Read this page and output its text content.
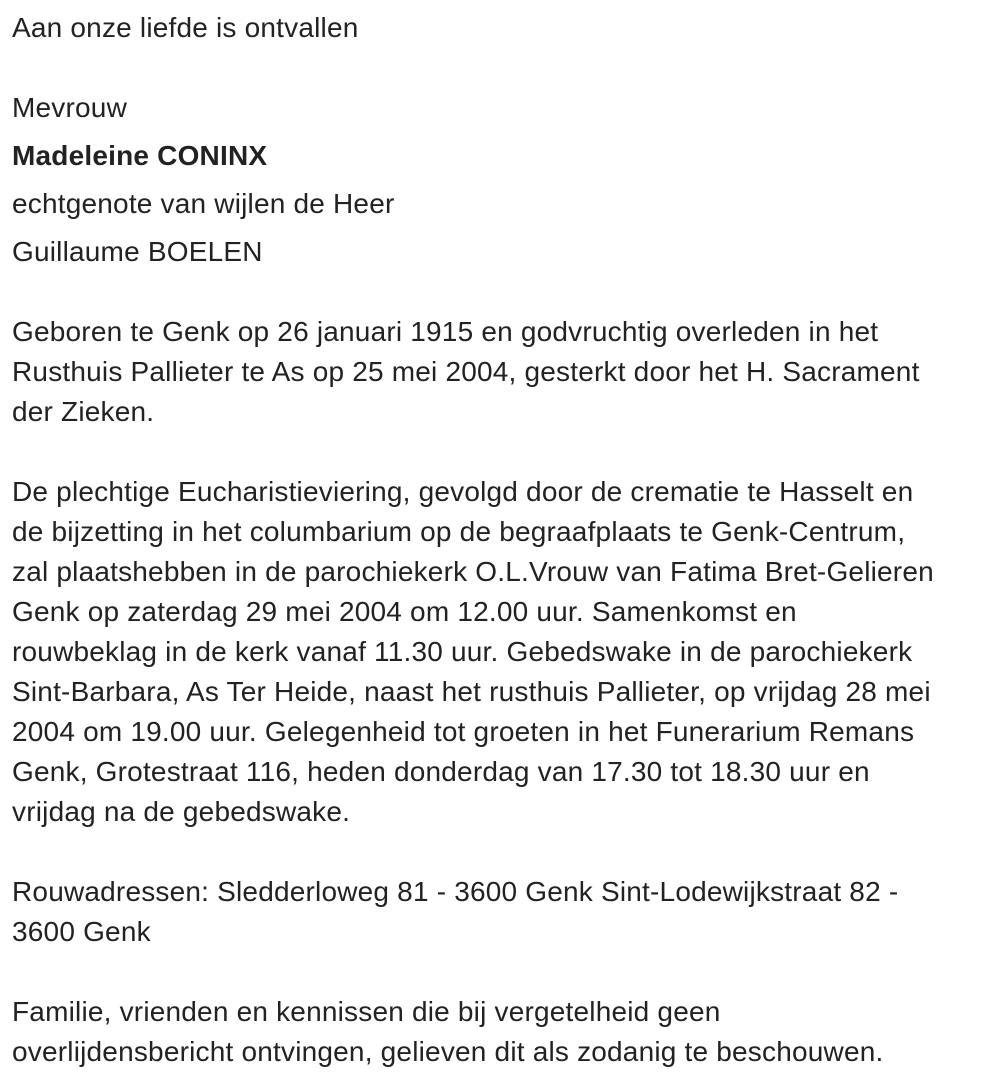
Aan onze liefde is ontvallen

Mevrouw

Madeleine CONINX

echtgenote van wijlen de Heer

Guillaume BOELEN

Geboren te Genk op 26 januari 1915 en godvruchtig overleden in het

Rusthuis Pallieter te As op 25 mei 2004, gesterkt door het H. Sacrament

der Zieken.

De plechtige Eucharistieviering, gevolgd door de crematie te Hasselt en

de bijzetting in het columbarium op de begraafplaats te Genk-Centrum,

zal plaatshebben in de parochiekerk O.L.Vrouw van Fatima Bret-Gelieren

Genk op zaterdag 29 mei 2004 om 12.00 uur. Samenkomst en

rouwbeklag in de kerk vanaf 11.30 uur. Gebedswake in de parochiekerk

Sint-Barbara, As Ter Heide, naast het rusthuis Pallieter, op vrijdag 28 mei

2004 om 19.00 uur. Gelegenheid tot groeten in het Funerarium Remans

Genk, Grotestraat 116, heden donderdag van 17.30 tot 18.30 uur en

vrijdag na de gebedswake.

Rouwadressen: Sledderloweg 81 - 3600 Genk Sint-Lodewijkstraat 82 -

3600 Genk

Familie, vrienden en kennissen die bij vergetelheid geen

overlijdensbericht ontvingen, gelieven dit als zodanig te beschouwen.
